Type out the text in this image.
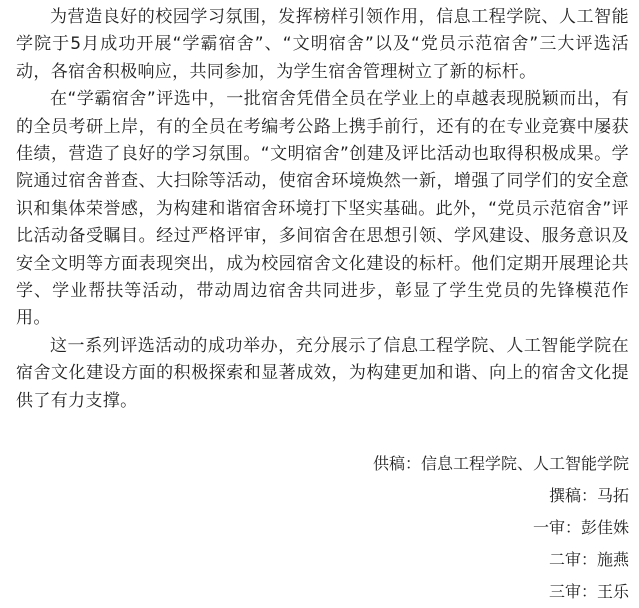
为营造良好的校园学习氛围，发挥榜样引领作用，信息工程学院、人工智能学院于5月成功开展“学霸宿舍”、“文明宿舍”以及“党员示范宿舍”三大评选活动，各宿舍积极响应，共同参加，为学生宿舍管理树立了新的标杆。

在“学霸宿舍”评选中，一批宿舍凭借全员在学业上的卓越表现脱颖而出，有的全员考研上岸，有的全员在考编考公路上携手前行，还有的在专业竞赛中屡获佳绩，营造了良好的学习氛围。“文明宿舍”创建及评比活动也取得积极成果。学院通过宿舍普查、大扫除等活动，使宿舍环境焕然一新，增强了同学们的安全意识和集体荣誉感，为构建和谐宿舍环境打下坚实基础。此外，“党员示范宿舍”评比活动备受瞩目。经过严格评审，多间宿舍在思想引领、学风建设、服务意识及安全文明等方面表现突出，成为校园宿舍文化建设的标杆。他们定期开展理论共学、学业帮扶等活动，带动周边宿舍共同进步，彰显了学生党员的先锋模范作用。

这一系列评选活动的成功举办，充分展示了信息工程学院、人工智能学院在宿舍文化建设方面的积极探索和显著成效，为构建更加和谐、向上的宿舍文化提供了有力支撑。

供稿：信息工程学院、人工智能学院
撰稿：马拓
一审：彭佳姝
二审：施燕
三审：王乐
